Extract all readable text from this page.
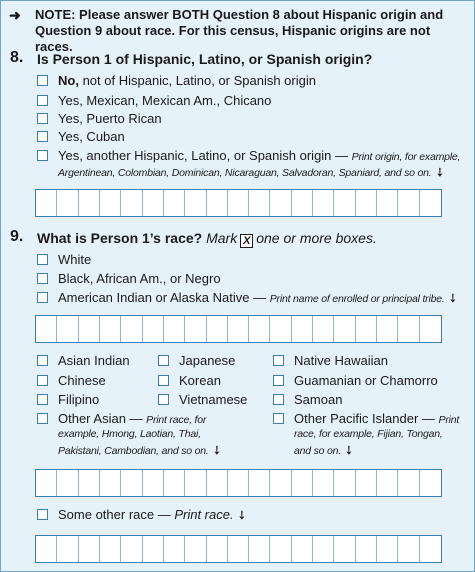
➜	NOTE: Please answer BOTH Question 8 about Hispanic origin and
Question 9 about race. For this census, Hispanic origins are not races.
8. Is Person 1 of Hispanic, Latino, or Spanish origin?
No, not of Hispanic, Latino, or Spanish origin
Yes, Mexican, Mexican Am., Chicano
Yes, Puerto Rican
Yes, Cuban
Yes, another Hispanic, Latino, or Spanish origin — Print origin, for example,
Argentinean, Colombian, Dominican, Nicaraguan, Salvadoran, Spaniard, and so on.➘
9. What is Person 1’s race? Mark X one or more boxes.
White
Black, African Am., or Negro
American Indian or Alaska Native — Print name of enrolled or principal tribe.➘
Asian Indian
Chinese
Filipino
Other Asian — Print race, for
example, Hmong, Laotian, Thai,
Pakistani, Cambodian, and so on.➘
Japanese
Korean
Vietnamese
Native Hawaiian
Guamanian or Chamorro
Samoan
Other Pacific Islander — Print
race, for example, Fijian, Tongan,
and so on.➘
Some other race — Print race.➘
